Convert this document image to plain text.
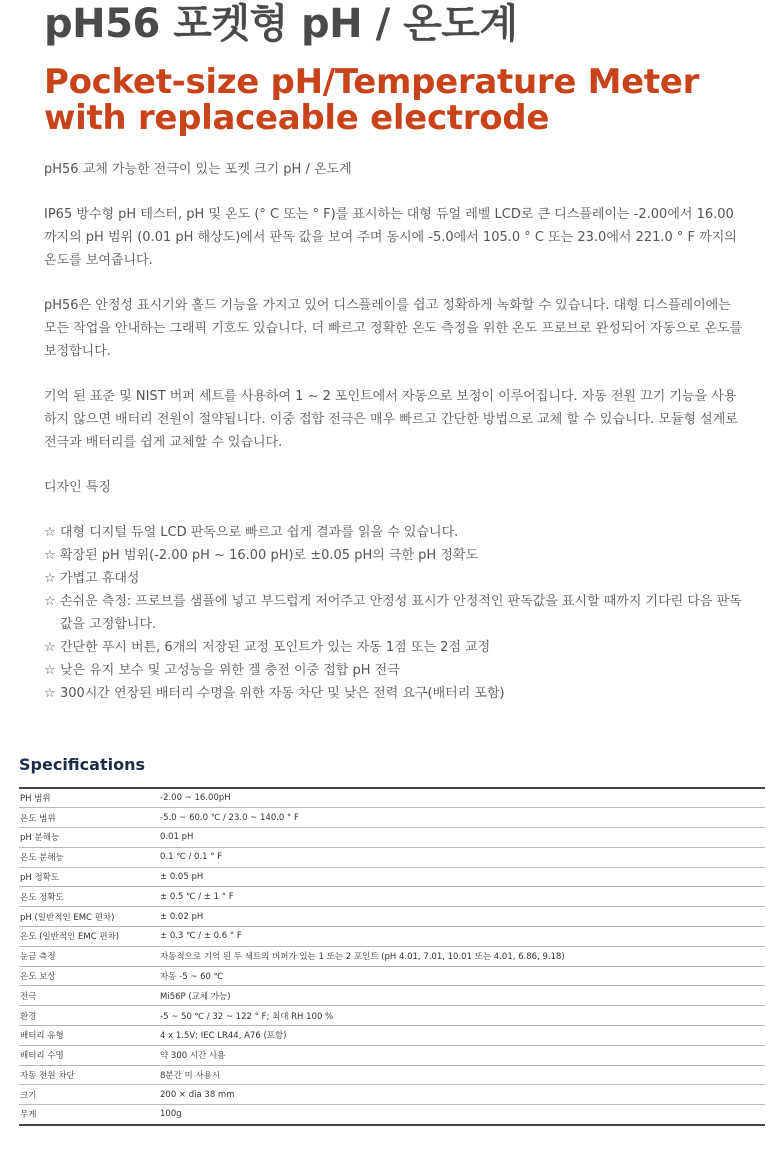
pH56 포켓형 pH / 온도계
Pocket-size pH/Temperature Meter with replaceable electrode

pH56 교체 가능한 전극이 있는 포켓 크기 pH / 온도계

IP65 방수형 pH 테스터, pH 및 온도 (° C 또는 ° F)를 표시하는 대형 듀얼 레벨 LCD로 큰 디스플레이는 -2.00에서 16.00까지의 pH 범위 (0.01 pH 해상도)에서 판독 값을 보여 주며 동시에 -5.0에서 105.0 ° C 또는 23.0에서 221.0 ° F 까지의 온도를 보여줍니다.

pH56은 안정성 표시기와 홀드 기능을 가지고 있어 디스플레이를 쉽고 정확하게 녹화할 수 있습니다. 대형 디스플레이에는 모든 작업을 안내하는 그래픽 기호도 있습니다. 더 빠르고 정확한 온도 측정을 위한 온도 프로브로 완성되어 자동으로 온도를 보정합니다.

기억 된 표준 및 NIST 버퍼 세트를 사용하여 1 ~ 2 포인트에서 자동으로 보정이 이루어집니다. 자동 전원 끄기 기능을 사용하지 않으면 배터리 전원이 절약됩니다. 이중 접합 전극은 매우 빠르고 간단한 방법으로 교체 할 수 있습니다. 모듈형 설계로 전극과 배터리를 쉽게 교체할 수 있습니다.

디자인 특징

☆ 대형 디지털 듀얼 LCD 판독으로 빠르고 쉽게 결과를 읽을 수 있습니다.
☆ 확장된 pH 범위(-2.00 pH ~ 16.00 pH)로 ±0.05 pH의 극한 pH 정확도
☆ 가볍고 휴대성
☆ 손쉬운 측정: 프로브를 샘플에 넣고 부드럽게 저어주고 안정성 표시가 안정적인 판독값을 표시할 때까지 기다린 다음 판독값을 고정합니다.
☆ 간단한 푸시 버튼, 6개의 저장된 교정 포인트가 있는 자동 1점 또는 2점 교정
☆ 낮은 유지 보수 및 고성능을 위한 겔 충전 이중 접합 pH 전극
☆ 300시간 연장된 배터리 수명을 위한 자동 차단 및 낮은 전력 요구(배터리 포함)
Specifications
PH 범위	-2.00 ~ 16.00pH
온도 범위	-5.0 ~ 60.0 ℃ / 23.0 ~ 140.0 ° F
pH 분해능	0.01 pH
온도 분해능	0.1 ℃ / 0.1 ° F
pH 정확도	± 0.05 pH
온도 정확도	± 0.5 ℃ / ± 1 ° F
pH (일반적인 EMC 편차)	± 0.02 pH
온도 (일반적인 EMC 편차)	± 0.3 ℃ / ± 0.6 ° F
눈금 측정	자동적으로 기억 된 두 세트의 버퍼가 있는 1 또는 2 포인트 (pH 4.01, 7.01, 10.01 또는 4.01, 6.86, 9.18)
온도 보상	자동 -5 ~ 60 ℃
전극	Mi56P (교체 가능)
환경	-5 ~ 50 ℃ / 32 ~ 122 ° F; 최대 RH 100 %
배터리 유형	4 x 1.5V; IEC LR44, A76 (포함)
배터리 수명	약 300 시간 사용
자동 전원 차단	8분간 미 사용시
크기	200 × dia 38 mm
무게	100g
